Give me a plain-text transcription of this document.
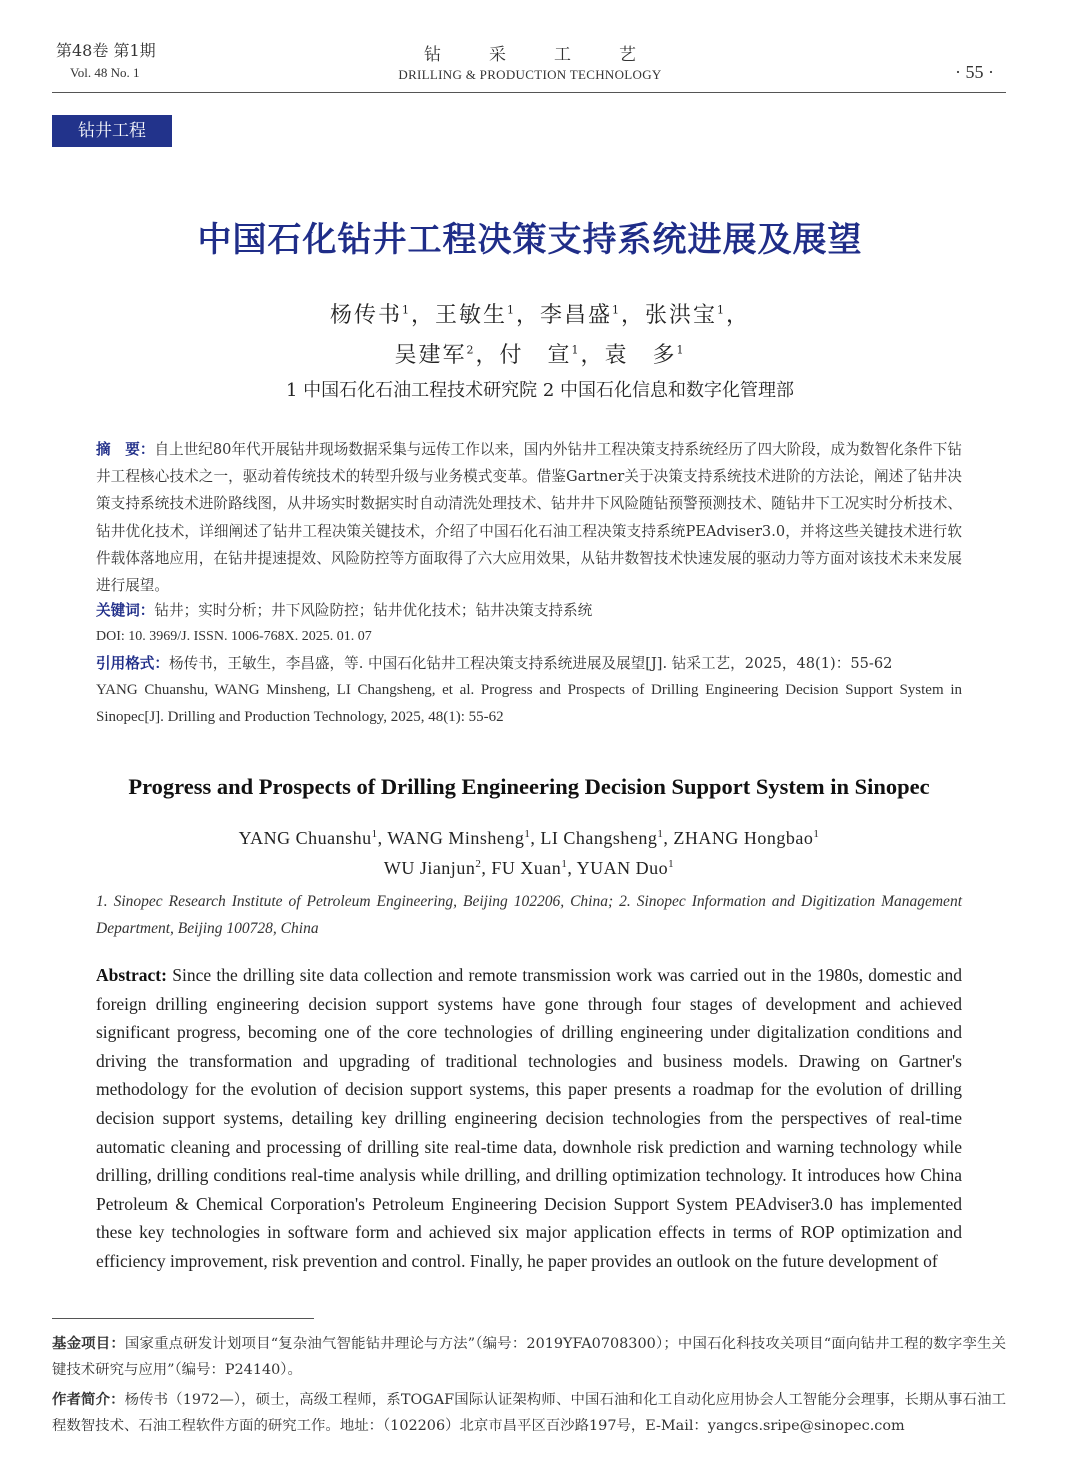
第48卷 第1期
Vol. 48 No. 1
钻采工艺
DRILLING & PRODUCTION TECHNOLOGY	· 55 ·
钻井工程
中国石化钻井工程决策支持系统进展及展望
杨传书$^1$，王敏生$^1$，李昌盛$^1$，张洪宝$^1$，
吴建军$^2$，付　宣$^1$，袁　多$^1$
1 中国石化石油工程技术研究院 2 中国石化信息和数字化管理部
摘　要：自上世纪80年代开展钻井现场数据采集与远传工作以来，国内外钻井工程决策支持系统经历了四大阶段，成为数智化条件下钻井工程核心技术之一，驱动着传统技术的转型升级与业务模式变革。借鉴Gartner关于决策支持系统技术进阶的方法论，阐述了钻井决策支持系统技术进阶路线图，从井场实时数据实时自动清洗处理技术、钻井井下风险随钻预警预测技术、随钻井下工况实时分析技术、钻井优化技术，详细阐述了钻井工程决策关键技术，介绍了中国石化石油工程决策支持系统PEAdviser3.0，并将这些关键技术进行软件载体落地应用，在钻井提速提效、风险防控等方面取得了六大应用效果，从钻井数智技术快速发展的驱动力等方面对该技术未来发展进行展望。
关键词：钻井；实时分析；井下风险防控；钻井优化技术；钻井决策支持系统
DOI: 10. 3969/J. ISSN. 1006-768X. 2025. 01. 07
引用格式：杨传书，王敏生，李昌盛，等. 中国石化钻井工程决策支持系统进展及展望[J]. 钻采工艺，2025，48(1)：55-62
YANG Chuanshu, WANG Minsheng, LI Changsheng, et al. Progress and Prospects of Drilling Engineering Decision Support System in Sinopec[J]. Drilling and Production Technology, 2025, 48(1): 55-62
Progress and Prospects of Drilling Engineering Decision Support System in Sinopec
YANG Chuanshu$^1$, WANG Minsheng$^1$, LI Changsheng$^1$, ZHANG Hongbao$^1$
WU Jianjun$^2$, FU Xuan$^1$, YUAN Duo$^1$
1. Sinopec Research Institute of Petroleum Engineering, Beijing 102206, China; 2. Sinopec Information and Digitization Management Department, Beijing 100728, China
Abstract: Since the drilling site data collection and remote transmission work was carried out in the 1980s, domestic and foreign drilling engineering decision support systems have gone through four stages of development and achieved significant progress, becoming one of the core technologies of drilling engineering under digitalization conditions and driving the transformation and upgrading of traditional technologies and business models. Drawing on Gartner's methodology for the evolution of decision support systems, this paper presents a roadmap for the evolution of drilling decision support systems, detailing key drilling engineering decision technologies from the perspectives of real-time automatic cleaning and processing of drilling site real-time data, downhole risk prediction and warning technology while drilling, drilling conditions real-time analysis while drilling, and drilling optimization technology. It introduces how China Petroleum & Chemical Corporation's Petroleum Engineering Decision Support System PEAdviser3.0 has implemented these key technologies in software form and achieved six major application effects in terms of ROP optimization and efficiency improvement, risk prevention and control. Finally, he paper provides an outlook on the future development of
基金项目：国家重点研发计划项目“复杂油气智能钻井理论与方法”（编号：2019YFA0708300）；中国石化科技攻关项目“面向钻井工程的数字孪生关键技术研究与应用”（编号：P24140）。
作者简介：杨传书（1972—），硕士，高级工程师，系TOGAF国际认证架构师、中国石油和化工自动化应用协会人工智能分会理事，长期从事石油工程数智技术、石油工程软件方面的研究工作。地址：（102206）北京市昌平区百沙路197号，E-Mail：yangcs.sripe@sinopec.com
